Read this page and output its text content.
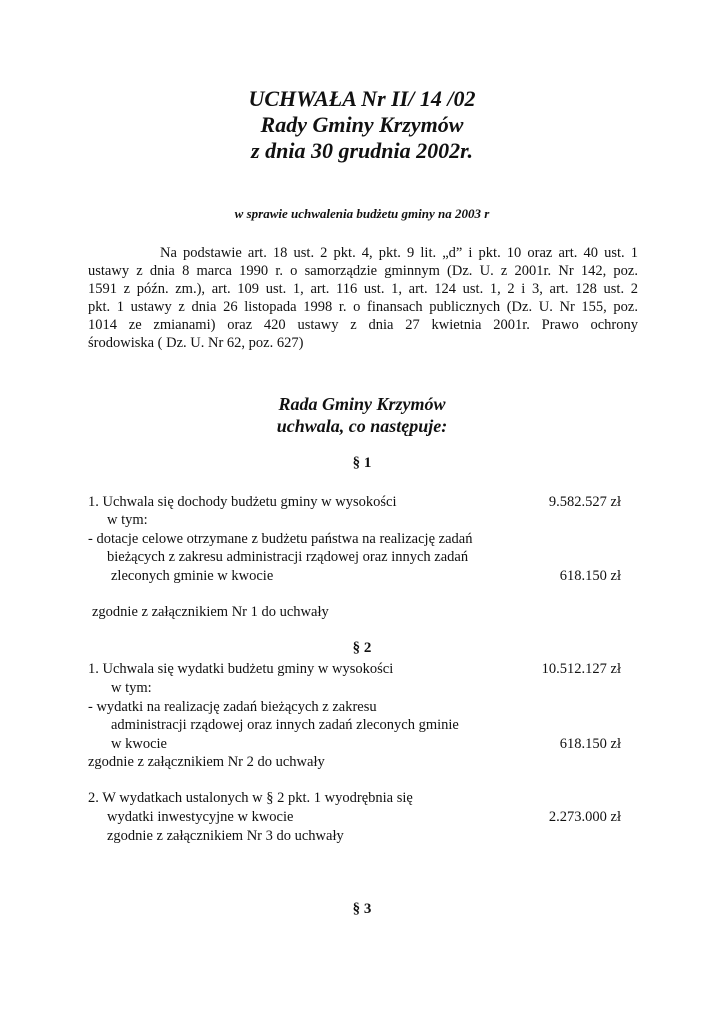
UCHWAŁA Nr II/ 14 /02
Rady Gminy Krzymów
z dnia 30 grudnia 2002r.
w sprawie uchwalenia budżetu gminy na 2003 r
Na podstawie art. 18 ust. 2 pkt. 4, pkt. 9 lit. „d” i pkt. 10 oraz art. 40 ust. 1
ustawy z dnia 8 marca 1990 r. o samorządzie gminnym (Dz. U. z 2001r. Nr 142, poz.
1591 z późn. zm.), art. 109 ust. 1, art. 116 ust. 1, art. 124 ust. 1, 2 i 3, art. 128 ust. 2
pkt. 1 ustawy z dnia 26 listopada 1998 r. o finansach publicznych (Dz. U. Nr 155, poz.
1014 ze zmianami) oraz 420 ustawy z dnia 27 kwietnia 2001r. Prawo ochrony
środowiska ( Dz. U. Nr 62, poz. 627)
Rada Gminy Krzymów
uchwala, co następuje:
§ 1
1. Uchwala się dochody budżetu gminy w wysokości	9.582.527 zł
w tym:
- dotacje celowe otrzymane z budżetu państwa na realizację zadań
bieżących z zakresu administracji rządowej oraz innych zadań
zleconych gminie w kwocie	618.150 zł
zgodnie z załącznikiem Nr 1 do uchwały
§ 2
1. Uchwala się wydatki budżetu gminy w wysokości	10.512.127 zł
w tym:
- wydatki na realizację zadań bieżących z zakresu
administracji rządowej oraz innych zadań zleconych gminie
w kwocie	618.150 zł
zgodnie z załącznikiem Nr 2 do uchwały
2. W wydatkach ustalonych w § 2 pkt. 1 wyodrębnia się
wydatki inwestycyjne w kwocie	2.273.000 zł
zgodnie z załącznikiem Nr 3 do uchwały
§ 3
